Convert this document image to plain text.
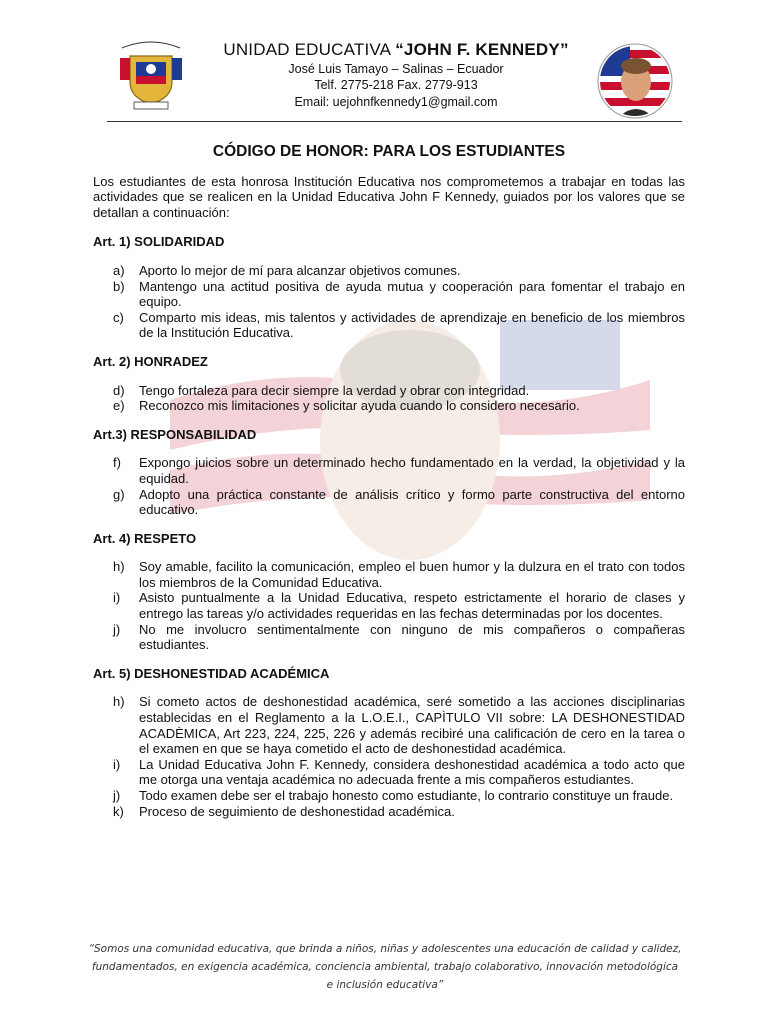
UNIDAD EDUCATIVA “JOHN F. KENNEDY”
José Luis Tamayo – Salinas – Ecuador
Telf. 2775-218 Fax. 2779-913
Email: uejohnfkennedy1@gmail.com
CÓDIGO DE HONOR: PARA LOS ESTUDIANTES

Los estudiantes de esta honrosa Institución Educativa nos comprometemos a trabajar en todas las actividades que se realicen en la Unidad Educativa John F Kennedy, guiados por los valores que se detallan a continuación:

Art. 1) SOLIDARIDAD
a) Aporto lo mejor de mí para alcanzar objetivos comunes.
b) Mantengo una actitud positiva de ayuda mutua y cooperación para fomentar el trabajo en equipo.
c) Comparto mis ideas, mis talentos y actividades de aprendizaje en beneficio de los miembros de la Institución Educativa.
Art. 2) HONRADEZ
d) Tengo fortaleza para decir siempre la verdad y obrar con integridad.
e) Reconozco mis limitaciones y solicitar ayuda cuando lo considero necesario.
Art.3) RESPONSABILIDAD
f) Expongo juicios sobre un determinado hecho fundamentado en la verdad, la objetividad y la equidad.
g) Adopto una práctica constante de análisis crítico y formo parte constructiva del entorno educativo.
Art. 4) RESPETO
h) Soy amable, facilito la comunicación, empleo el buen humor y la dulzura en el trato con todos los miembros de la Comunidad Educativa.
i) Asisto puntualmente a la Unidad Educativa, respeto estrictamente el horario de clases y entrego las tareas y/o actividades requeridas en las fechas determinadas por los docentes.
j) No me involucro sentimentalmente con ninguno de mis compañeros o compañeras estudiantes.
Art. 5) DESHONESTIDAD ACADÉMICA
h) Si cometo actos de deshonestidad académica, seré sometido a las acciones disciplinarias establecidas en el Reglamento a la L.O.E.I., CAPÌTULO VII sobre: LA DESHONESTIDAD ACADÈMICA, Art 223, 224, 225, 226 y además recibiré una calificación de cero en la tarea o el examen en que se haya cometido el acto de deshonestidad académica.
i) La Unidad Educativa John F. Kennedy, considera deshonestidad académica a todo acto que me otorga una ventaja académica no adecuada frente a mis compañeros estudiantes.
j) Todo examen debe ser el trabajo honesto como estudiante, lo contrario constituye un fraude.
k) Proceso de seguimiento de deshonestidad académica.
“Somos una comunidad educativa, que brinda a niños, niñas y adolescentes una educación de calidad y calidez,
fundamentados, en exigencia académica, conciencia ambiental, trabajo colaborativo, innovación metodológica
e inclusión educativa”
